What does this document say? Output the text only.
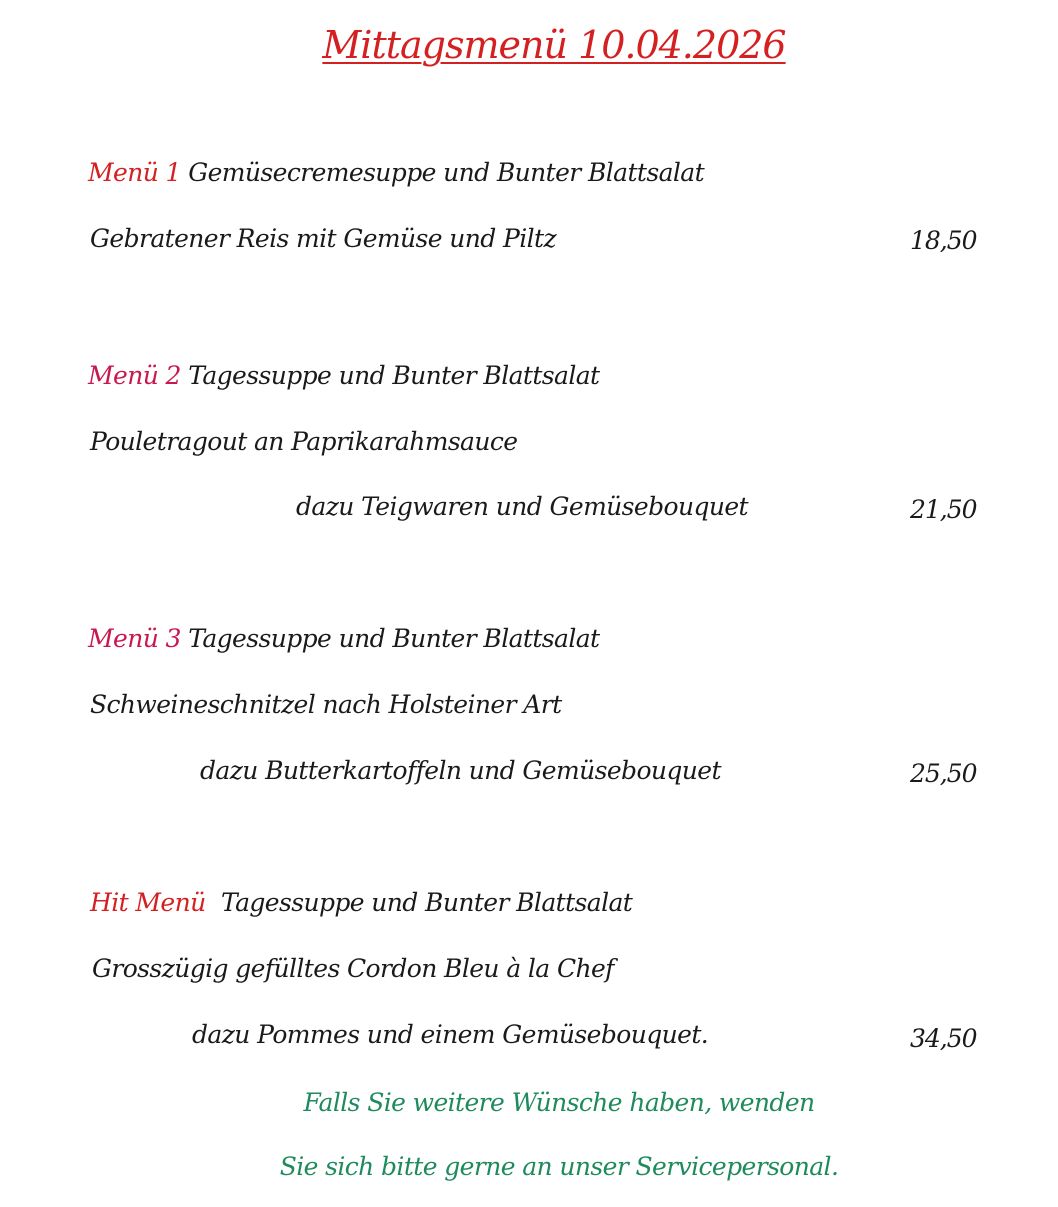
Mittagsmenü 10.04.2026
Menü 1 Gemüsecremesuppe und Bunter Blattsalat
Gebratener Reis mit Gemüse und Piltz	18,50
Menü 2 Tagessuppe und Bunter Blattsalat
Pouletragout an Paprikarahmsauce
dazu Teigwaren und Gemüsebouquet	21,50
Menü 3 Tagessuppe und Bunter Blattsalat
Schweineschnitzel nach Holsteiner Art
dazu Butterkartoffeln und Gemüsebouquet	25,50
Hit Menü Tagessuppe und Bunter Blattsalat
Grosszügig gefülltes Cordon Bleu à la Chef
dazu Pommes und einem Gemüsebouquet.	34,50
Falls Sie weitere Wünsche haben, wenden
Sie sich bitte gerne an unser Servicepersonal.
